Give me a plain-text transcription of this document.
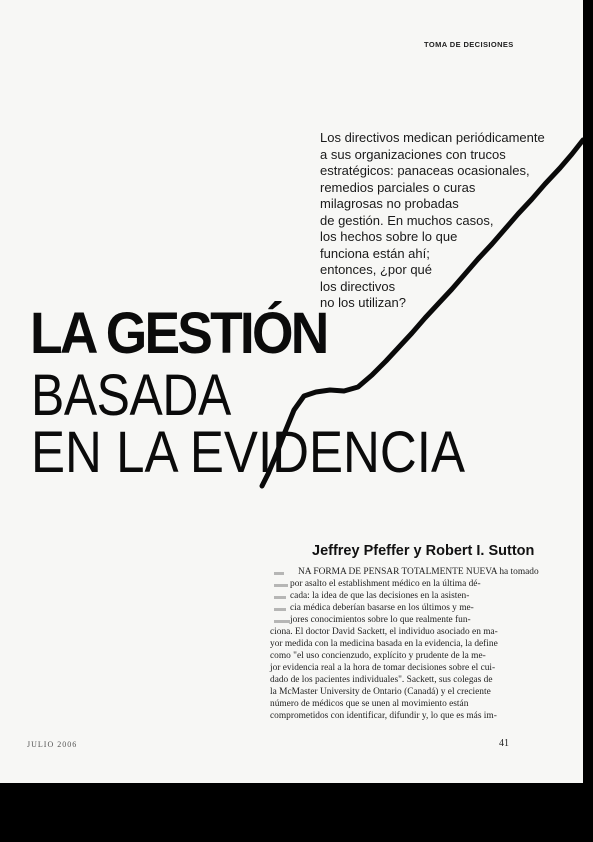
TOMA DE DECISIONES
Los directivos medican periódicamente
a sus organizaciones con trucos
estratégicos: panaceas ocasionales,
remedios parciales o curas
milagrosas no probadas
de gestión. En muchos casos,
los hechos sobre lo que
funciona están ahí;
entonces, ¿por qué
los directivos
no los utilizan?
LA GESTIÓN
BASADA
EN LA EVIDENCIA
Jeffrey Pfeffer y Robert I. Sutton
NA FORMA DE PENSAR TOTALMENTE NUEVA ha tomado
por asalto el establishment médico en la última dé-
cada: la idea de que las decisiones en la asisten-
cia médica deberían basarse en los últimos y me-
jores conocimientos sobre lo que realmente fun-
ciona. El doctor David Sackett, el individuo asociado en ma-
yor medida con la medicina basada en la evidencia, la define
como "el uso concienzudo, explícito y prudente de la me-
jor evidencia real a la hora de tomar decisiones sobre el cui-
dado de los pacientes individuales". Sackett, sus colegas de
la McMaster University de Ontario (Canadá) y el creciente
número de médicos que se unen al movimiento están
comprometidos con identificar, difundir y, lo que es más im-
JULIO 2006	41
